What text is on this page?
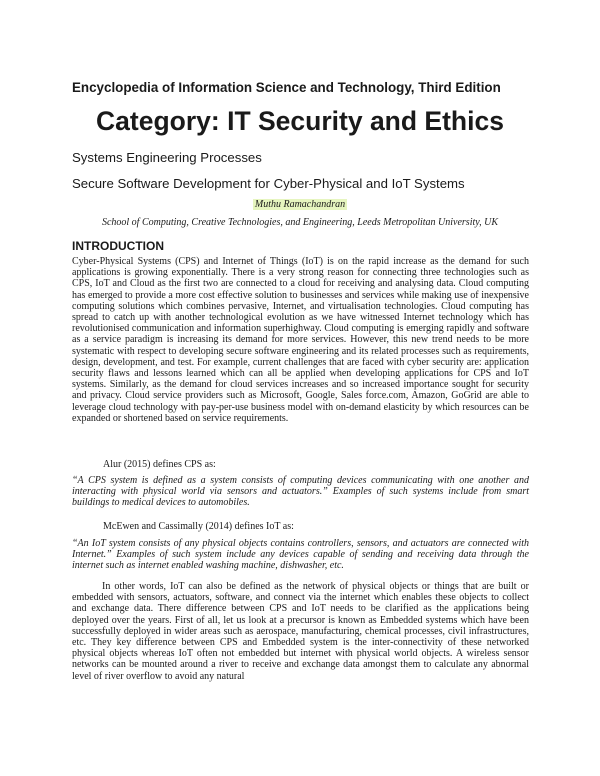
Encyclopedia of Information Science and Technology, Third Edition
Category: IT Security and Ethics
Systems Engineering Processes
Secure Software Development for Cyber-Physical and IoT Systems
Muthu Ramachandran
School of Computing, Creative Technologies, and Engineering, Leeds Metropolitan University, UK
INTRODUCTION

Cyber-Physical Systems (CPS) and Internet of Things (IoT) is on the rapid increase as the demand for such applications is growing exponentially. There is a very strong reason for connecting three technologies such as CPS, IoT and Cloud as the first two are connected to a cloud for receiving and analysing data. Cloud computing has emerged to provide a more cost effective solution to businesses and services while making use of inexpensive computing solutions which combines pervasive, Internet, and virtualisation technologies. Cloud computing has spread to catch up with another technological evolution as we have witnessed Internet technology which has revolutionised communication and information superhighway. Cloud computing is emerging rapidly and software as a service paradigm is increasing its demand for more services. However, this new trend needs to be more systematic with respect to developing secure software engineering and its related processes such as requirements, design, development, and test. For example, current challenges that are faced with cyber security are: application security flaws and lessons learned which can all be applied when developing applications for CPS and IoT systems. Similarly, as the demand for cloud services increases and so increased importance sought for security and privacy. Cloud service providers such as Microsoft, Google, Sales force.com, Amazon, GoGrid are able to leverage cloud technology with pay-per-use business model with on-demand elasticity by which resources can be expanded or shortened based on service requirements.

Alur (2015) defines CPS as:

“A CPS system is defined as a system consists of computing devices communicating with one another and interacting with physical world via sensors and actuators.” Examples of such systems include from smart buildings to medical devices to automobiles.

McEwen and Cassimally (2014) defines IoT as:

“An IoT system consists of any physical objects contains controllers, sensors, and actuators are connected with Internet.” Examples of such system include any devices capable of sending and receiving data through the internet such as internet enabled washing machine, dishwasher, etc.

In other words, IoT can also be defined as the network of physical objects or things that are built or embedded with sensors, actuators, software, and connect via the internet which enables these objects to collect and exchange data. There difference between CPS and IoT needs to be clarified as the applications being deployed over the years. First of all, let us look at a precursor is known as Embedded systems which have been successfully deployed in wider areas such as aerospace, manufacturing, chemical processes, civil infrastructures, etc. They key difference between CPS and Embedded system is the inter-connectivity of these networked physical objects whereas IoT often not embedded but internet with physical world objects. A wireless sensor networks can be mounted around a river to receive and exchange data amongst them to calculate any abnormal level of river overflow to avoid any natural
